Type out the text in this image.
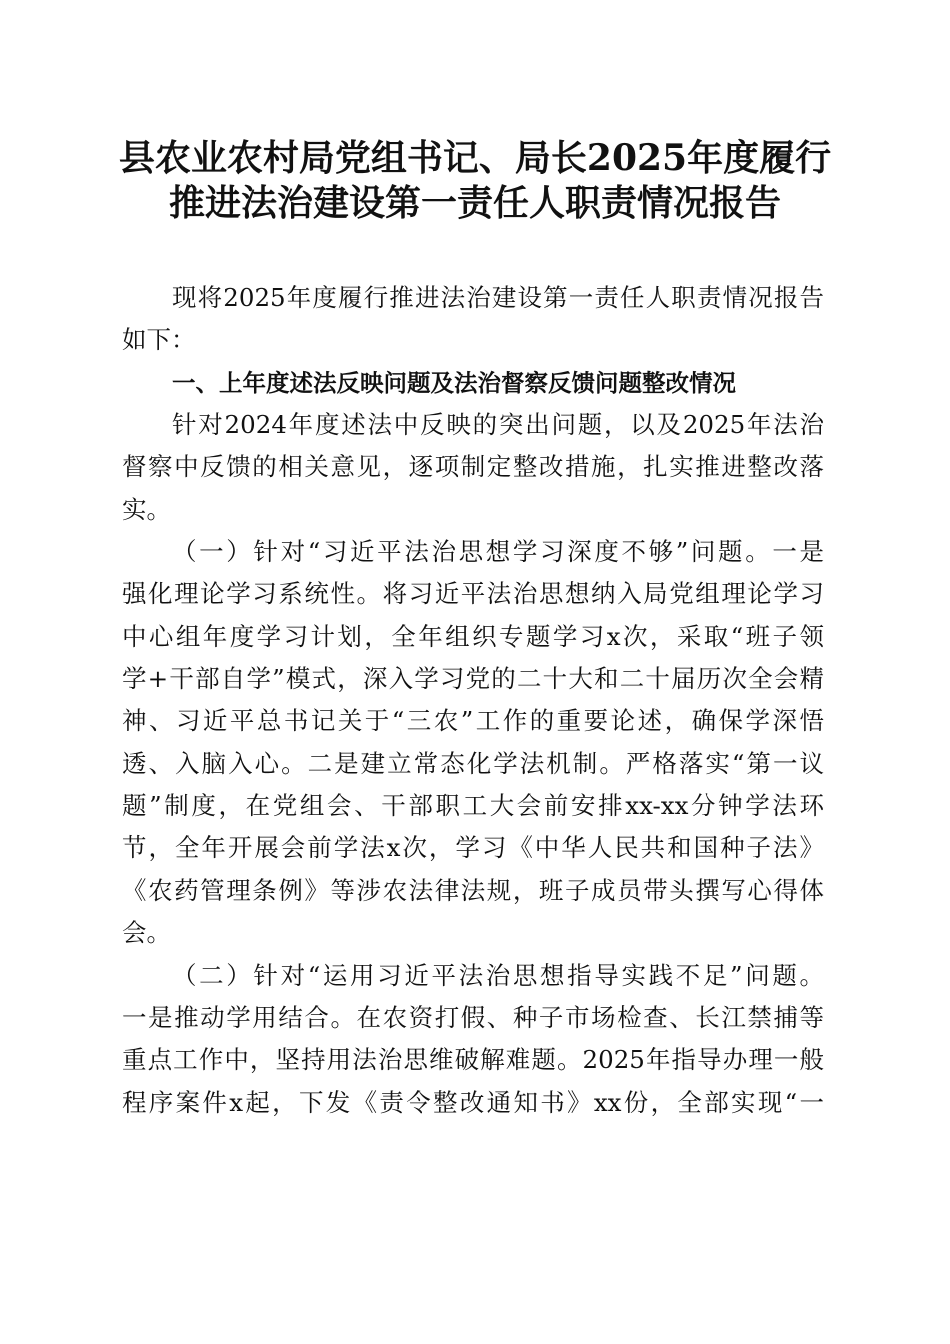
县农业农村局党组书记、局长2025年度履行
推进法治建设第一责任人职责情况报告
现将2025年度履行推进法治建设第一责任人职责情况报告
如下：
一、上年度述法反映问题及法治督察反馈问题整改情况
针对2024年度述法中反映的突出问题，以及2025年法治
督察中反馈的相关意见，逐项制定整改措施，扎实推进整改落
实。
（一）针对“习近平法治思想学习深度不够”问题。一是
强化理论学习系统性。将习近平法治思想纳入局党组理论学习
中心组年度学习计划，全年组织专题学习x次，采取“班子领
学+干部自学”模式，深入学习党的二十大和二十届历次全会精
神、习近平总书记关于“三农”工作的重要论述，确保学深悟
透、入脑入心。二是建立常态化学法机制。严格落实“第一议
题”制度，在党组会、干部职工大会前安排xx-xx分钟学法环
节，全年开展会前学法x次，学习《中华人民共和国种子法》
《农药管理条例》等涉农法律法规，班子成员带头撰写心得体
会。
（二）针对“运用习近平法治思想指导实践不足”问题。
一是推动学用结合。在农资打假、种子市场检查、长江禁捕等
重点工作中，坚持用法治思维破解难题。2025年指导办理一般
程序案件x起，下发《责令整改通知书》xx份，全部实现“一
